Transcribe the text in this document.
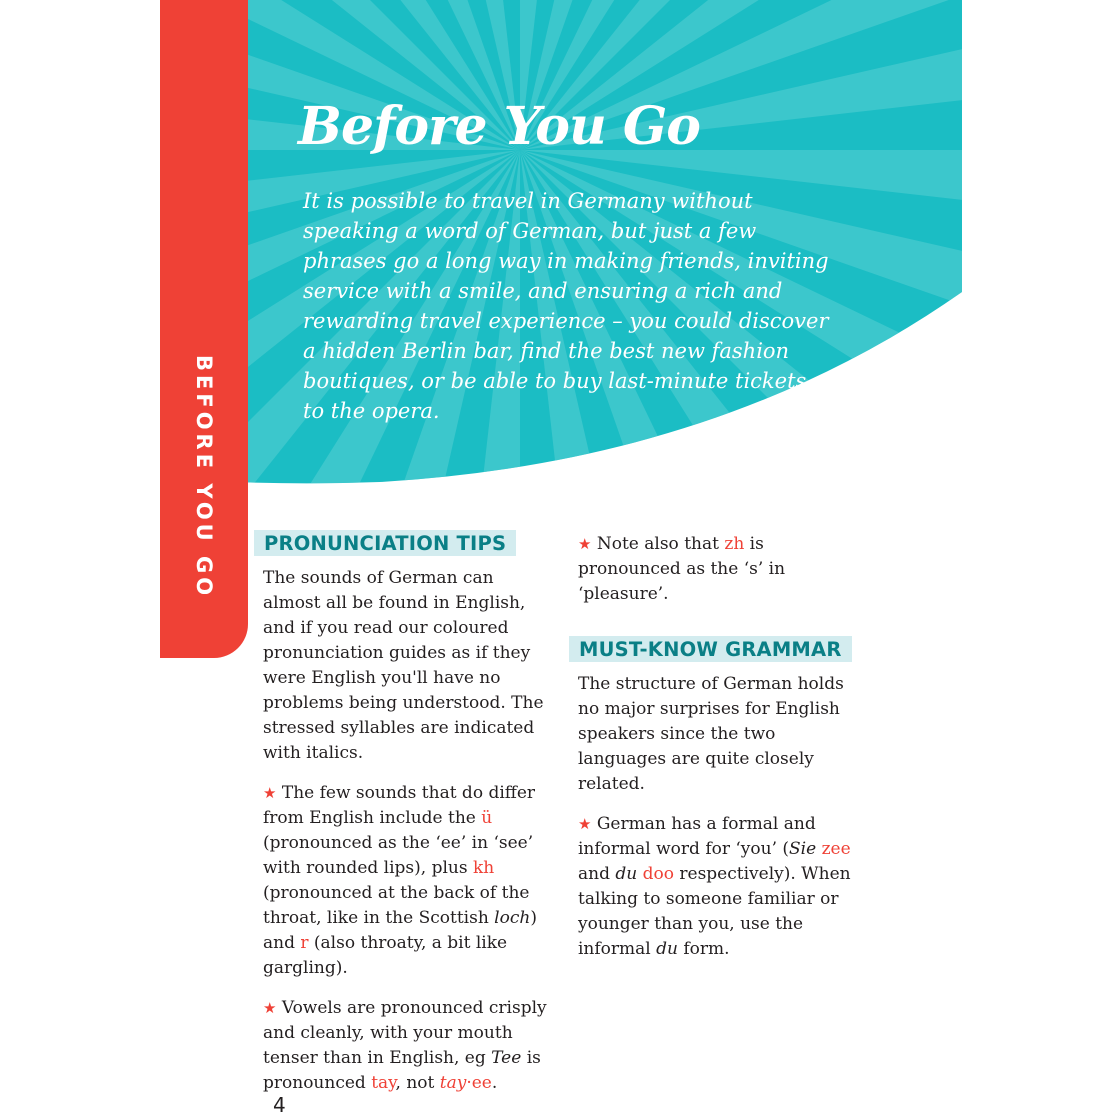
Before You Go

It is possible to travel in Germany without speaking a word of German, but just a few phrases go a long way in making friends, inviting service with a smile, and ensuring a rich and rewarding travel experience – you could discover a hidden Berlin bar, find the best new fashion boutiques, or be able to buy last-minute tickets to the opera.

BEFORE YOU GO PRONUNCIATION TIPS

The sounds of German can almost all be found in English, and if you read our coloured pronunciation guides as if they were English you'll have no problems being understood. The stressed syllables are indicated with italics.

★ The few sounds that do differ from English include the ü (pronounced as the ‘ee’ in ‘see’ with rounded lips), plus kh (pronounced at the back of the throat, like in the Scottish loch) and r (also throaty, a bit like gargling).

★ Vowels are pronounced crisply and cleanly, with your mouth tenser than in English, eg Tee is pronounced tay, not tay·ee.

★ Note also that zh is pronounced as the ‘s’ in ‘pleasure’.

MUST-KNOW GRAMMAR

The structure of German holds no major surprises for English speakers since the two languages are quite closely related.

★ German has a formal and informal word for ‘you’ (Sie zee and du doo respectively). When talking to someone familiar or younger than you, use the informal du form.

4
